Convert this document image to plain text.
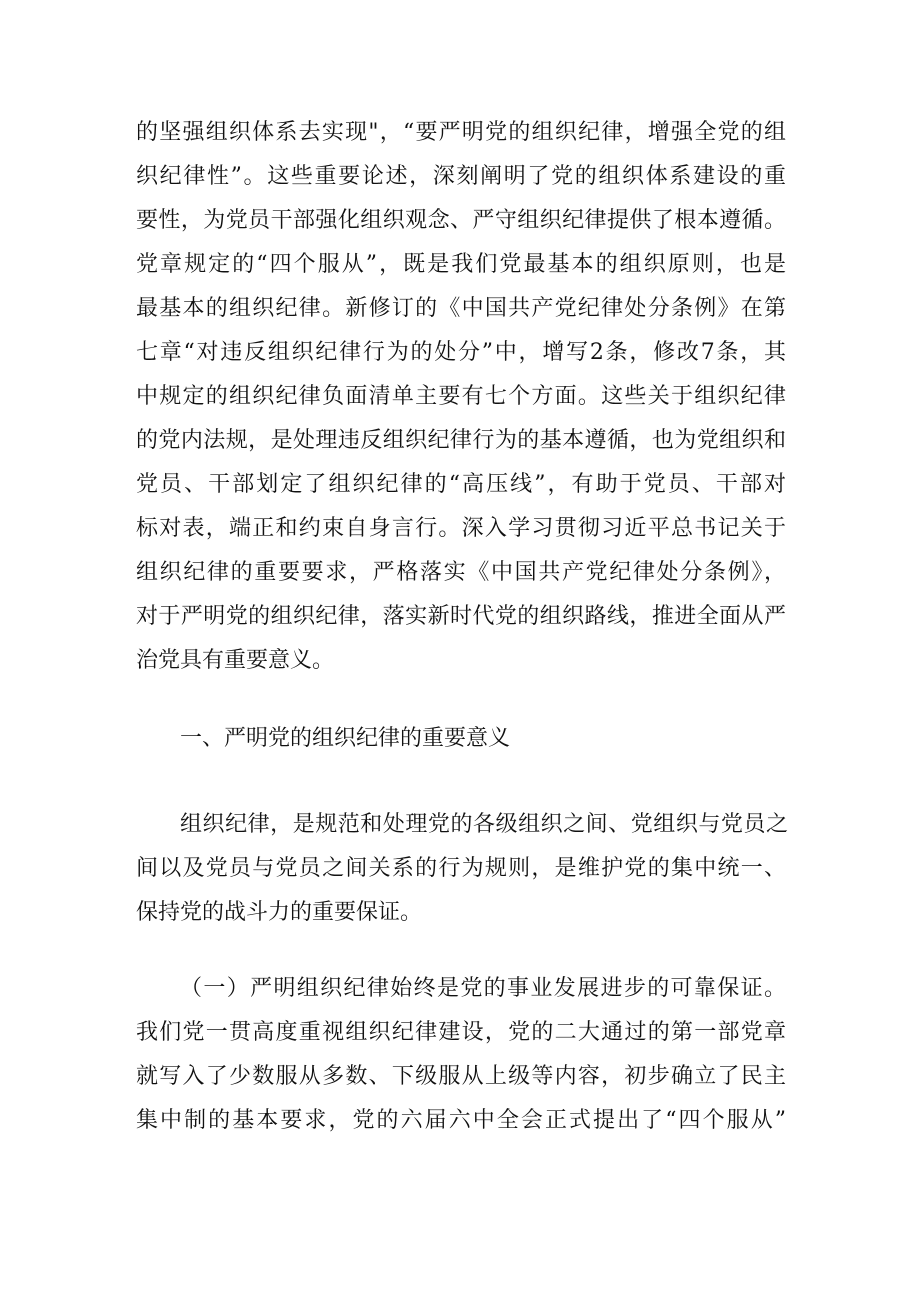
的坚强组织体系去实现"，“要严明党的组织纪律，增强全党的组

织纪律性”。这些重要论述，深刻阐明了党的组织体系建设的重

要性，为党员干部强化组织观念、严守组织纪律提供了根本遵循。

党章规定的“四个服从”，既是我们党最基本的组织原则，也是

最基本的组织纪律。新修订的《中国共产党纪律处分条例》在第

七章“对违反组织纪律行为的处分”中，增写2条，修改7条，其

中规定的组织纪律负面清单主要有七个方面。这些关于组织纪律

的党内法规，是处理违反组织纪律行为的基本遵循，也为党组织和

党员、干部划定了组织纪律的“高压线”，有助于党员、干部对

标对表，端正和约束自身言行。深入学习贯彻习近平总书记关于

组织纪律的重要要求，严格落实《中国共产党纪律处分条例》，

对于严明党的组织纪律，落实新时代党的组织路线，推进全面从严

治党具有重要意义。

一、严明党的组织纪律的重要意义

组织纪律，是规范和处理党的各级组织之间、党组织与党员之

间以及党员与党员之间关系的行为规则，是维护党的集中统一、

保持党的战斗力的重要保证。

（一）严明组织纪律始终是党的事业发展进步的可靠保证。

我们党一贯高度重视组织纪律建设，党的二大通过的第一部党章

就写入了少数服从多数、下级服从上级等内容，初步确立了民主

集中制的基本要求，党的六届六中全会正式提出了“四个服从”
